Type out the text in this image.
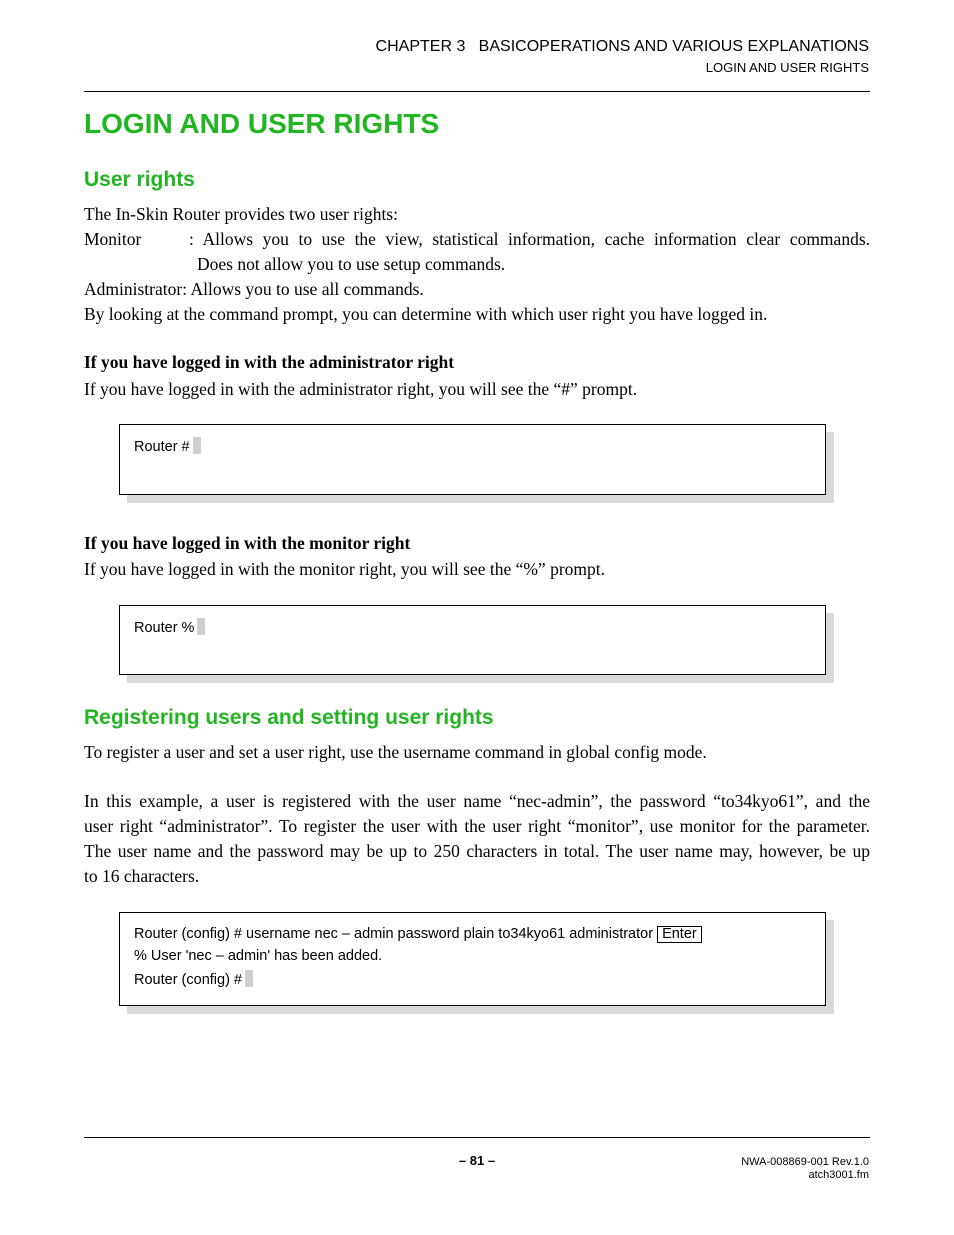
CHAPTER 3   BASICOPERATIONS AND VARIOUS EXPLANATIONS
LOGIN AND USER RIGHTS
LOGIN AND USER RIGHTS
User rights
The In-Skin Router provides two user rights:
Monitor	: Allows you to use the view, statistical information, cache information clear commands.
Does not allow you to use setup commands.
Administrator: Allows you to use all commands.
By looking at the command prompt, you can determine with which user right you have logged in.
If you have logged in with the administrator right
If you have logged in with the administrator right, you will see the “#” prompt.
Router #
If you have logged in with the monitor right
If you have logged in with the monitor right, you will see the “%” prompt.
Router %
Registering users and setting user rights
To register a user and set a user right, use the username command in global config mode.
In this example, a user is registered with the user name “nec-admin”, the password “to34kyo61”, and the
user right “administrator”. To register the user with the user right “monitor”, use monitor for the parameter.
The user name and the password may be up to 250 characters in total. The user name may, however, be up
to 16 characters.
Router (config) # username nec – admin password plain to34kyo61 administrator Enter
% User 'nec – admin' has been added.
Router (config) #
– 81 –	NWA-008869-001 Rev.1.0
atch3001.fm
